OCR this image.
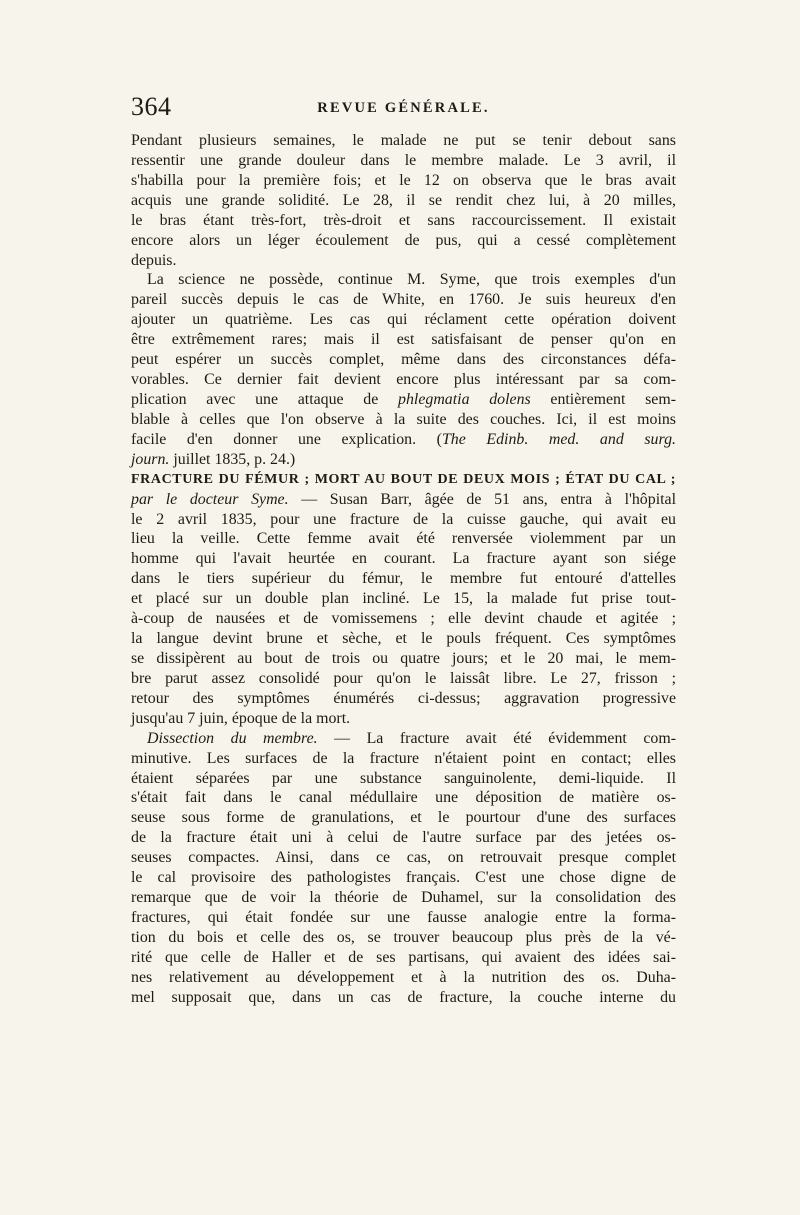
364	REVUE GÉNÉRALE.
Pendant plusieurs semaines, le malade ne put se tenir debout sans
ressentir une grande douleur dans le membre malade. Le 3 avril, il
s'habilla pour la première fois; et le 12 on observa que le bras avait
acquis une grande solidité. Le 28, il se rendit chez lui, à 20 milles,
le bras étant très-fort, très-droit et sans raccourcissement. Il existait
encore alors un léger écoulement de pus, qui a cessé complètement
depuis.
La science ne possède, continue M. Syme, que trois exemples d'un
pareil succès depuis le cas de White, en 1760. Je suis heureux d'en
ajouter un quatrième. Les cas qui réclament cette opération doivent
être extrêmement rares; mais il est satisfaisant de penser qu'on en
peut espérer un succès complet, même dans des circonstances défa-
vorables. Ce dernier fait devient encore plus intéressant par sa com-
plication avec une attaque de phlegmatia dolens entièrement sem-
blable à celles que l'on observe à la suite des couches. Ici, il est moins
facile d'en donner une explication. (The Edinb. med. and surg.
journ. juillet 1835, p. 24.)
FRACTURE DU FÉMUR ; MORT AU BOUT DE DEUX MOIS ; ÉTAT DU CAL ;
par le docteur Syme. — Susan Barr, âgée de 51 ans, entra à l'hôpital
le 2 avril 1835, pour une fracture de la cuisse gauche, qui avait eu
lieu la veille. Cette femme avait été renversée violemment par un
homme qui l'avait heurtée en courant. La fracture ayant son siége
dans le tiers supérieur du fémur, le membre fut entouré d'attelles
et placé sur un double plan incliné. Le 15, la malade fut prise tout-
à-coup de nausées et de vomissemens ; elle devint chaude et agitée ;
la langue devint brune et sèche, et le pouls fréquent. Ces symptômes
se dissipèrent au bout de trois ou quatre jours; et le 20 mai, le mem-
bre parut assez consolidé pour qu'on le laissât libre. Le 27, frisson ;
retour des symptômes énumérés ci-dessus; aggravation progressive
jusqu'au 7 juin, époque de la mort.
Dissection du membre. — La fracture avait été évidemment com-
minutive. Les surfaces de la fracture n'étaient point en contact; elles
étaient séparées par une substance sanguinolente, demi-liquide. Il
s'était fait dans le canal médullaire une déposition de matière os-
seuse sous forme de granulations, et le pourtour d'une des surfaces
de la fracture était uni à celui de l'autre surface par des jetées os-
seuses compactes. Ainsi, dans ce cas, on retrouvait presque complet
le cal provisoire des pathologistes français. C'est une chose digne de
remarque que de voir la théorie de Duhamel, sur la consolidation des
fractures, qui était fondée sur une fausse analogie entre la forma-
tion du bois et celle des os, se trouver beaucoup plus près de la vé-
rité que celle de Haller et de ses partisans, qui avaient des idées sai-
nes relativement au développement et à la nutrition des os. Duha-
mel supposait que, dans un cas de fracture, la couche interne du
